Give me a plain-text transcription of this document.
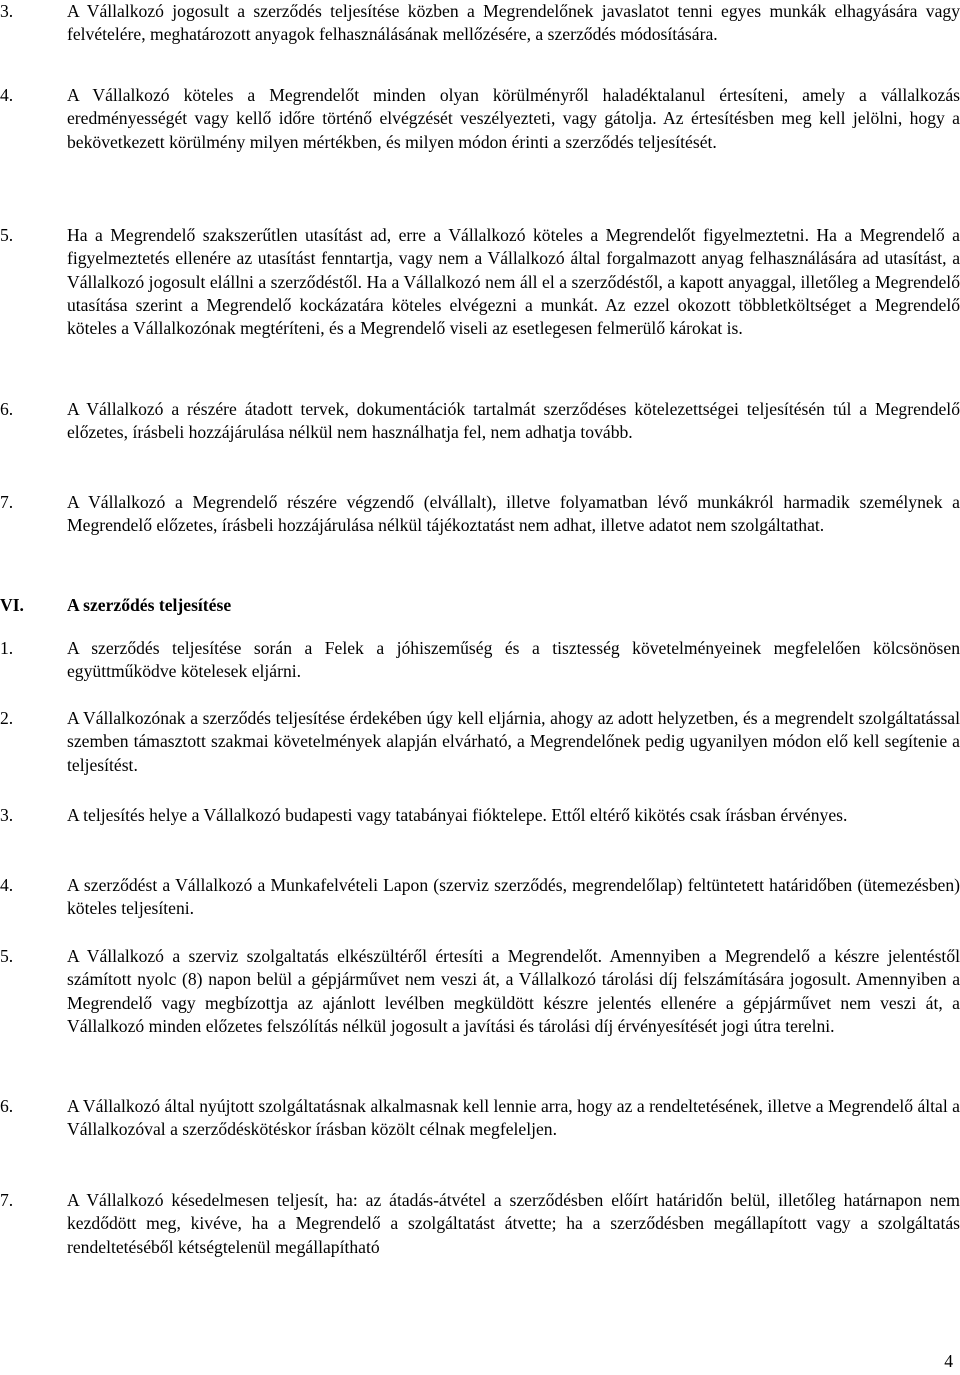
3.	A Vállalkozó jogosult a szerződés teljesítése közben a Megrendelőnek javaslatot tenni egyes munkák elhagyására vagy felvételére, meghatározott anyagok felhasználásának mellőzésére, a szerződés módosítására.
4.	A Vállalkozó köteles a Megrendelőt minden olyan körülményről haladéktalanul értesíteni, amely a vállalkozás eredményességét vagy kellő időre történő elvégzését veszélyezteti, vagy gátolja. Az értesítésben meg kell jelölni, hogy a bekövetkezett körülmény milyen mértékben, és milyen módon érinti a szerződés teljesítését.
5.	Ha a Megrendelő szakszerűtlen utasítást ad, erre a Vállalkozó köteles a Megrendelőt figyelmeztetni. Ha a Megrendelő a figyelmeztetés ellenére az utasítást fenntartja, vagy nem a Vállalkozó által forgalmazott anyag felhasználására ad utasítást, a Vállalkozó jogosult elállni a szerződéstől. Ha a Vállalkozó nem áll el a szerződéstől, a kapott anyaggal, illetőleg a Megrendelő utasítása szerint a Megrendelő kockázatára köteles elvégezni a munkát. Az ezzel okozott többletköltséget a Megrendelő köteles a Vállalkozónak megtéríteni, és a Megrendelő viseli az esetlegesen felmerülő károkat is.
6.	A Vállalkozó a részére átadott tervek, dokumentációk tartalmát szerződéses kötelezettségei teljesítésén túl a Megrendelő előzetes, írásbeli hozzájárulása nélkül nem használhatja fel, nem adhatja tovább.
7.	A Vállalkozó a Megrendelő részére végzendő (elvállalt), illetve folyamatban lévő munkákról harmadik személynek a Megrendelő előzetes, írásbeli hozzájárulása nélkül tájékoztatást nem adhat, illetve adatot nem szolgáltathat.
VI. A szerződés teljesítése
1.	A szerződés teljesítése során a Felek a jóhiszeműség és a tisztesség követelményeinek megfelelően kölcsönösen együttműködve kötelesek eljárni.
2.	A Vállalkozónak a szerződés teljesítése érdekében úgy kell eljárnia, ahogy az adott helyzetben, és a megrendelt szolgáltatással szemben támasztott szakmai követelmények alapján elvárható, a Megrendelőnek pedig ugyanilyen módon elő kell segítenie a teljesítést.
3.	A teljesítés helye a Vállalkozó budapesti vagy tatabányai fióktelepe. Ettől eltérő kikötés csak írásban érvényes.
4.	A szerződést a Vállalkozó a Munkafelvételi Lapon (szerviz szerződés, megrendelőlap) feltüntetett határidőben (ütemezésben) köteles teljesíteni.
5.	A Vállalkozó a szerviz szolgaltatás elkészültéről értesíti a Megrendelőt. Amennyiben a Megrendelő a készre jelentéstől számított nyolc (8) napon belül a gépjárművet nem veszi át, a Vállalkozó tárolási díj felszámítására jogosult. Amennyiben a Megrendelő vagy megbízottja az ajánlott levélben megküldött készre jelentés ellenére a gépjárművet nem veszi át, a Vállalkozó minden előzetes felszólítás nélkül jogosult a javítási és tárolási díj érvényesítését jogi útra terelni.
6.	A Vállalkozó által nyújtott szolgáltatásnak alkalmasnak kell lennie arra, hogy az a rendeltetésének, illetve a Megrendelő által a Vállalkozóval a szerződéskötéskor írásban közölt célnak megfeleljen.
7.	A Vállalkozó késedelmesen teljesít, ha: az átadás-átvétel a szerződésben előírt határidőn belül, illetőleg határnapon nem kezdődött meg, kivéve, ha a Megrendelő a szolgáltatást átvette; ha a szerződésben megállapított vagy a szolgáltatás rendeltetéséből kétségtelenül megállapítható
4
